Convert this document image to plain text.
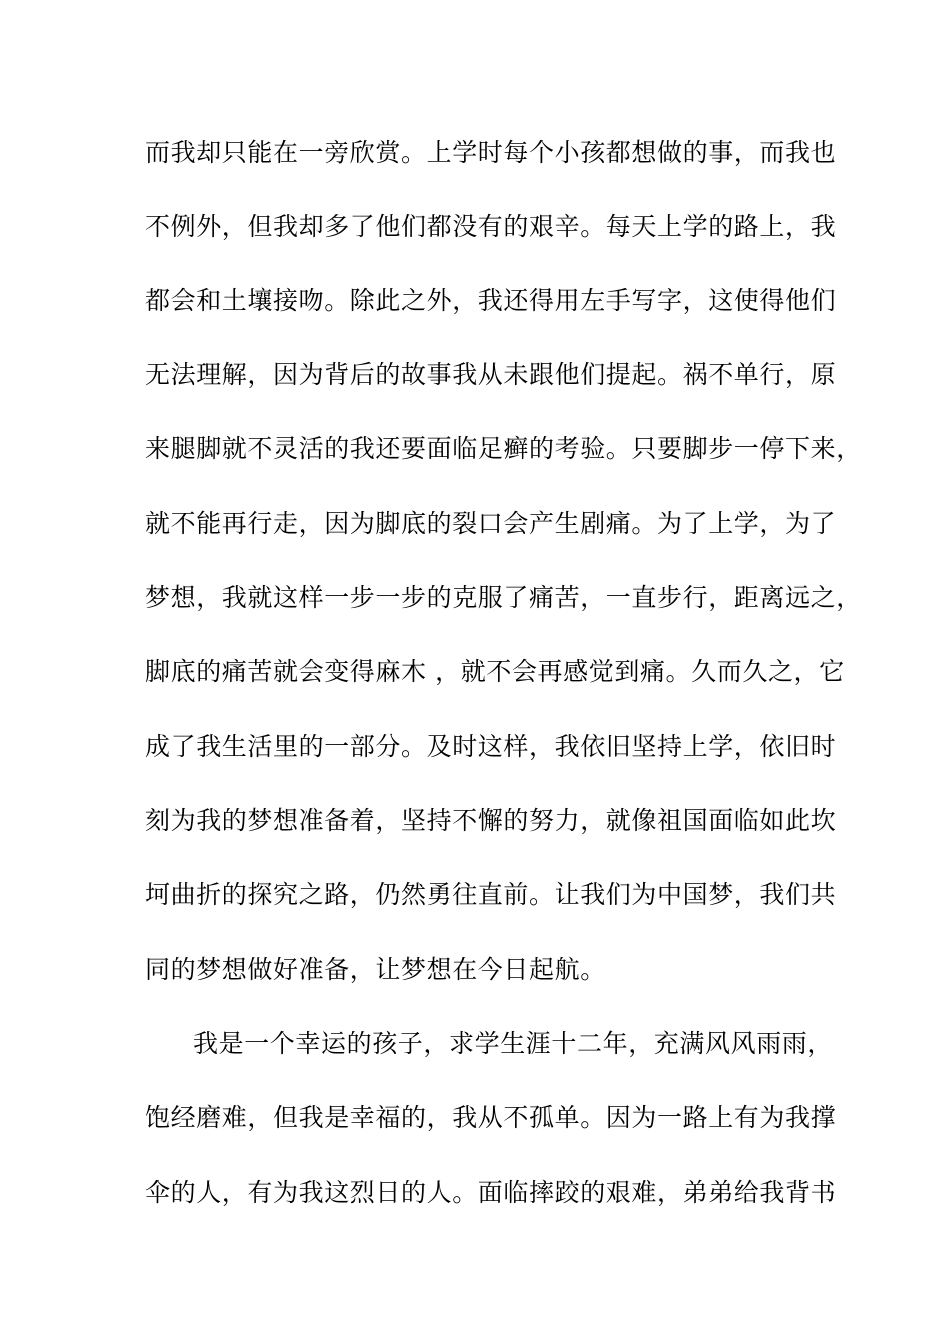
而我却只能在一旁欣赏。上学时每个小孩都想做的事，而我也
不例外，但我却多了他们都没有的艰辛。每天上学的路上，我
都会和土壤接吻。除此之外，我还得用左手写字，这使得他们
无法理解，因为背后的故事我从未跟他们提起。祸不单行，原
来腿脚就不灵活的我还要面临足癣的考验。只要脚步一停下来，
就不能再行走，因为脚底的裂口会产生剧痛。为了上学，为了
梦想，我就这样一步一步的克服了痛苦，一直步行，距离远之，
脚底的痛苦就会变得麻木 ，就不会再感觉到痛。久而久之，它
成了我生活里的一部分。及时这样，我依旧坚持上学，依旧时
刻为我的梦想准备着，坚持不懈的努力，就像祖国面临如此坎
坷曲折的探究之路，仍然勇往直前。让我们为中国梦，我们共
同的梦想做好准备，让梦想在今日起航。
我是一个幸运的孩子，求学生涯十二年，充满风风雨雨，
饱经磨难，但我是幸福的，我从不孤单。因为一路上有为我撑
伞的人，有为我这烈日的人。面临摔跤的艰难，弟弟给我背书
